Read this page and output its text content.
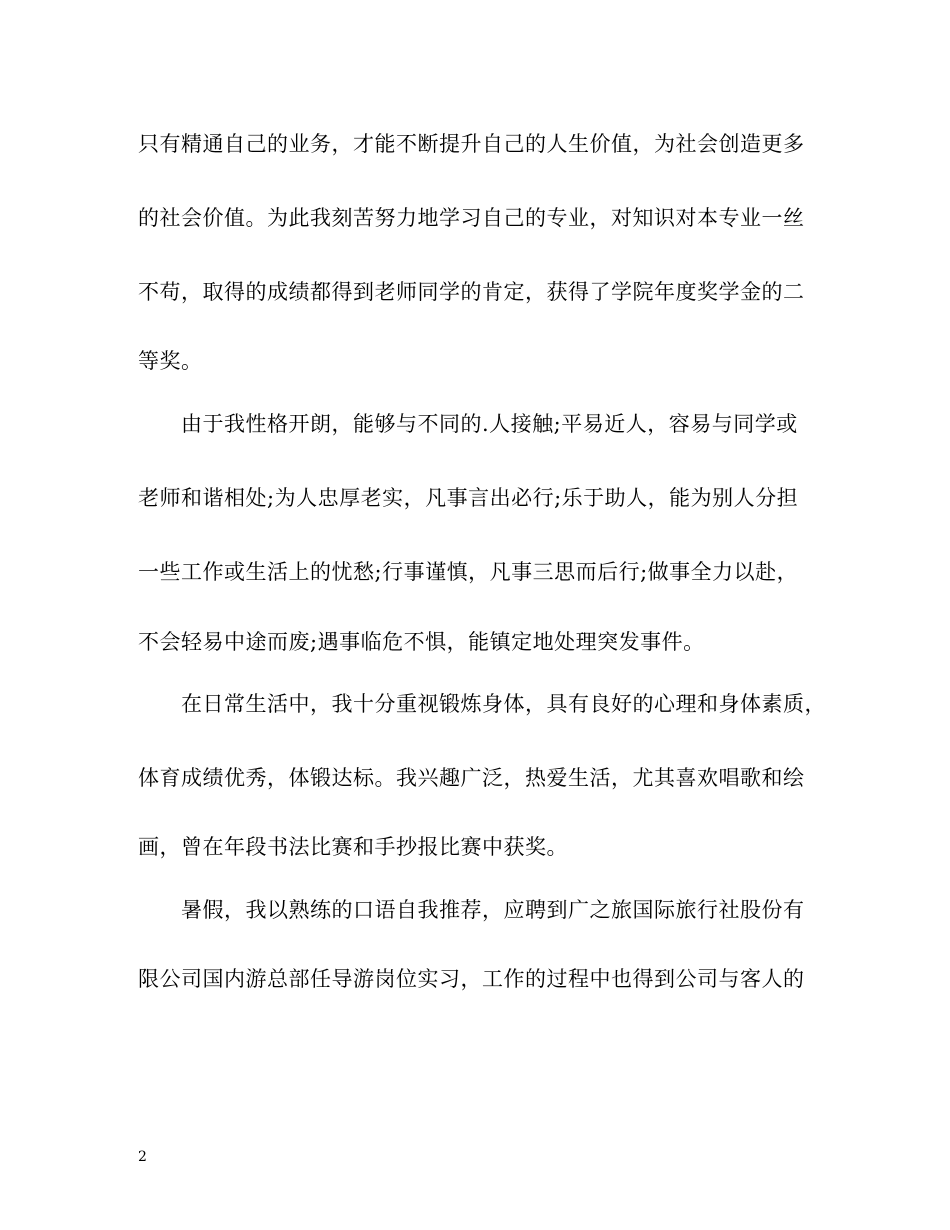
只有精通自己的业务，才能不断提升自己的人生价值，为社会创造更多
的社会价值。为此我刻苦努力地学习自己的专业，对知识对本专业一丝
不苟，取得的成绩都得到老师同学的肯定，获得了学院年度奖学金的二
等奖。
　　由于我性格开朗，能够与不同的.人接触;平易近人，容易与同学或
老师和谐相处;为人忠厚老实，凡事言出必行;乐于助人，能为别人分担
一些工作或生活上的忧愁;行事谨慎，凡事三思而后行;做事全力以赴，
不会轻易中途而废;遇事临危不惧，能镇定地处理突发事件。
　　在日常生活中，我十分重视锻炼身体，具有良好的心理和身体素质，
体育成绩优秀，体锻达标。我兴趣广泛，热爱生活，尤其喜欢唱歌和绘
画，曾在年段书法比赛和手抄报比赛中获奖。
　　暑假，我以熟练的口语自我推荐，应聘到广之旅国际旅行社股份有
限公司国内游总部任导游岗位实习，工作的过程中也得到公司与客人的
2
